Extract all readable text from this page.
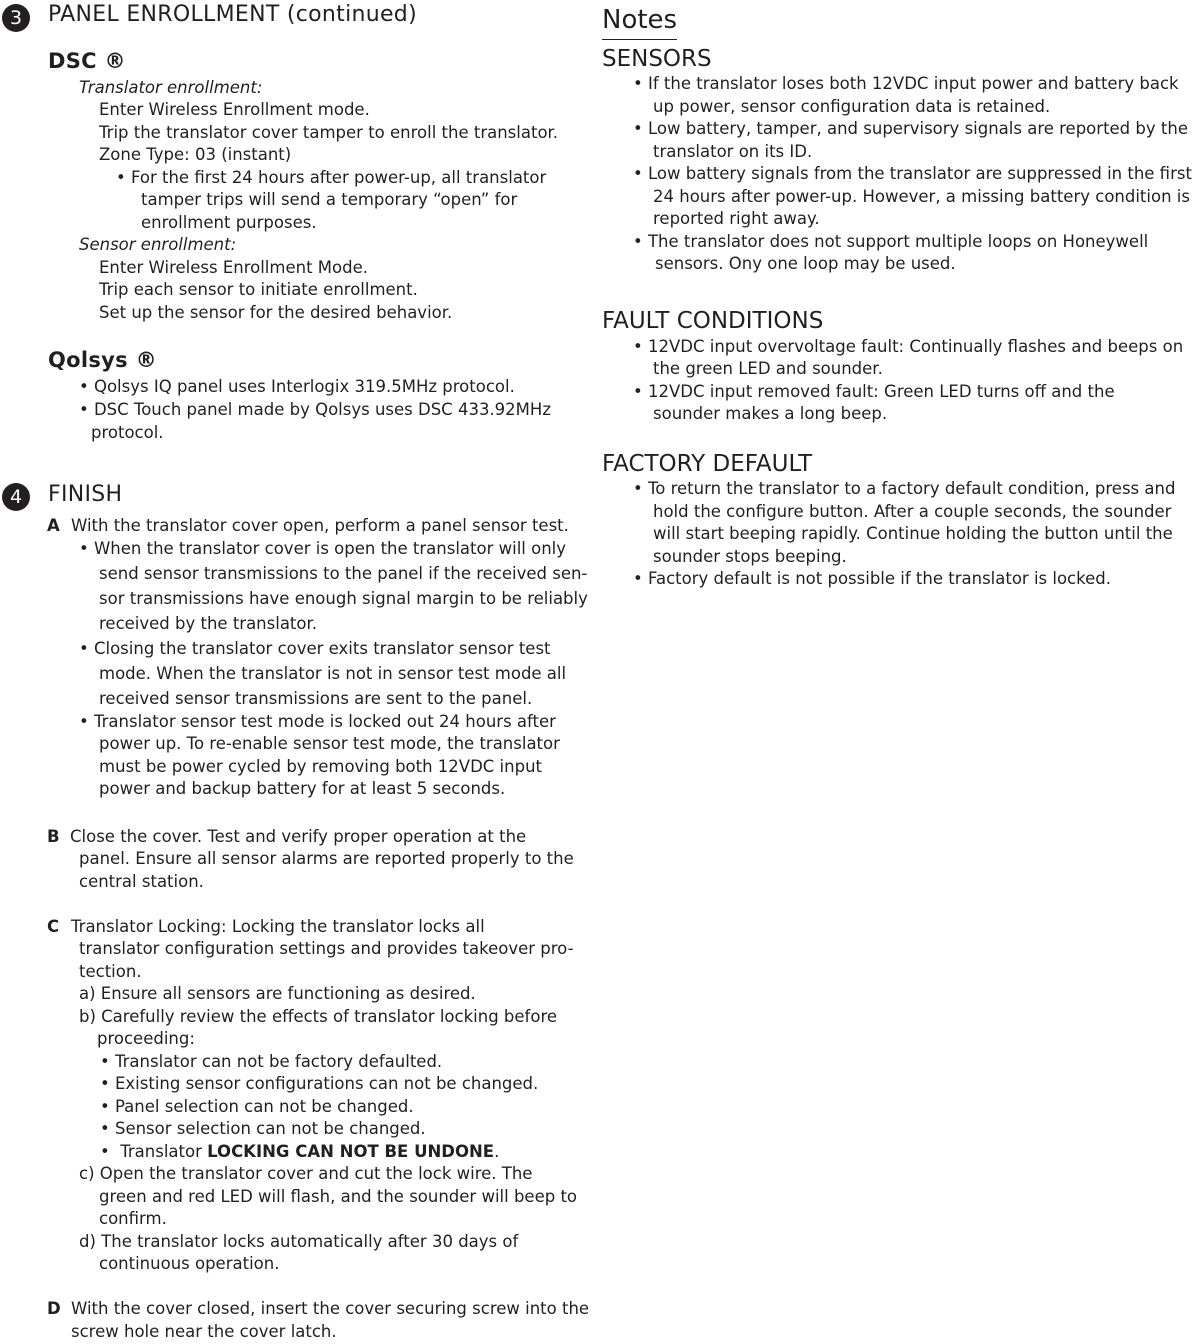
3	PANEL ENROLLMENT (continued)
DSC ®
Translator enrollment:
Enter Wireless Enrollment mode.
Trip the translator cover tamper to enroll the translator.
Zone Type: 03 (instant)
• For the first 24 hours after power-up, all translator
tamper trips will send a temporary “open” for
enrollment purposes.
Sensor enrollment:
Enter Wireless Enrollment Mode.
Trip each sensor to initiate enrollment.
Set up the sensor for the desired behavior.
Qolsys ®
• Qolsys IQ panel uses Interlogix 319.5MHz protocol.
• DSC Touch panel made by Qolsys uses DSC 433.92MHz
protocol.
4	FINISH
A With the translator cover open, perform a panel sensor test.
• When the translator cover is open the translator will only
send sensor transmissions to the panel if the received sen-
sor transmissions have enough signal margin to be reliably
received by the translator.
• Closing the translator cover exits translator sensor test
mode. When the translator is not in sensor test mode all
received sensor transmissions are sent to the panel.
• Translator sensor test mode is locked out 24 hours after
power up. To re-enable sensor test mode, the translator
must be power cycled by removing both 12VDC input
power and backup battery for at least 5 seconds.
B Close the cover. Test and verify proper operation at the
panel. Ensure all sensor alarms are reported properly to the
central station.
C Translator Locking: Locking the translator locks all
translator configuration settings and provides takeover pro-
tection.
a) Ensure all sensors are functioning as desired.
b) Carefully review the effects of translator locking before
proceeding:
• Translator can not be factory defaulted.
• Existing sensor configurations can not be changed.
• Panel selection can not be changed.
• Sensor selection can not be changed.
•  Translator LOCKING CAN NOT BE UNDONE.
c) Open the translator cover and cut the lock wire. The
green and red LED will flash, and the sounder will beep to
confirm.
d) The translator locks automatically after 30 days of
continuous operation.
D With the cover closed, insert the cover securing screw into the
screw hole near the cover latch.
Notes
SENSORS
• If the translator loses both 12VDC input power and battery back
up power, sensor configuration data is retained.
• Low battery, tamper, and supervisory signals are reported by the
translator on its ID.
• Low battery signals from the translator are suppressed in the first
24 hours after power-up. However, a missing battery condition is
reported right away.
• The translator does not support multiple loops on Honeywell
sensors. Ony one loop may be used.
FAULT CONDITIONS
• 12VDC input overvoltage fault: Continually flashes and beeps on
the green LED and sounder.
• 12VDC input removed fault: Green LED turns off and the
sounder makes a long beep.
FACTORY DEFAULT
• To return the translator to a factory default condition, press and
hold the configure button. After a couple seconds, the sounder
will start beeping rapidly. Continue holding the button until the
sounder stops beeping.
• Factory default is not possible if the translator is locked.
